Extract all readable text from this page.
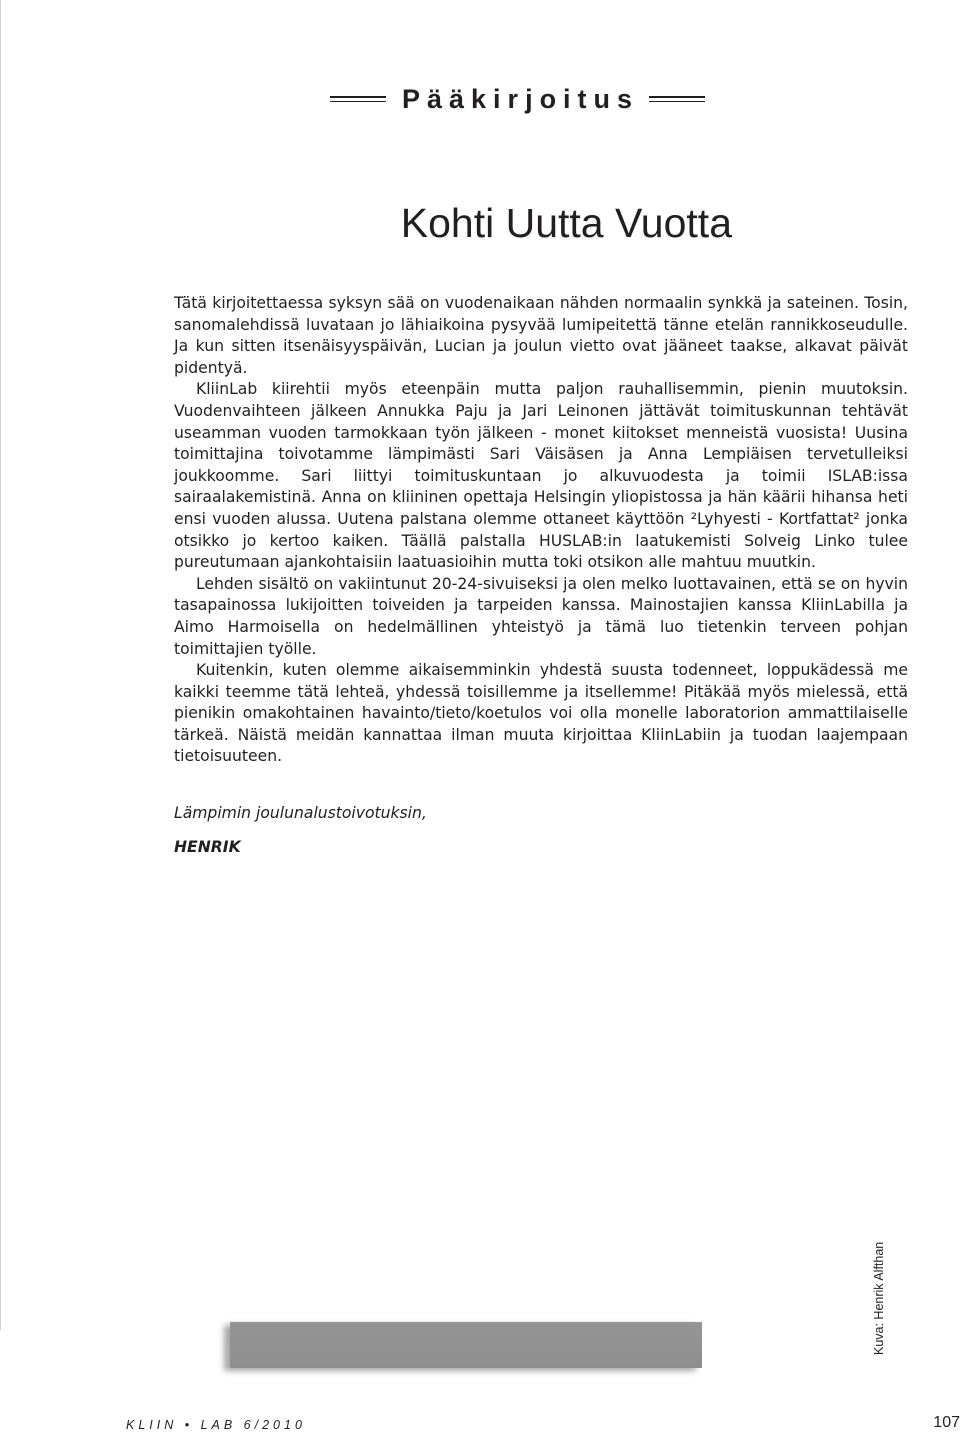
Pääkirjoitus
Kohti Uutta Vuotta

Tätä kirjoitettaessa syksyn sää on vuodenaikaan nähden normaalin synkkä ja sateinen. Tosin, sanomalehdissä luvataan jo lähiaikoina pysyvää lumipeitettä tänne etelän rannikkoseudulle. Ja kun sitten itsenäisyyspäivän, Lucian ja joulun vietto ovat jääneet taakse, alkavat päivät pidentyä.

KliinLab kiirehtii myös eteenpäin mutta paljon rauhallisemmin, pienin muutoksin. Vuodenvaihteen jälkeen Annukka Paju ja Jari Leinonen jättävät toimituskunnan tehtävät useamman vuoden tarmokkaan työn jälkeen - monet kiitokset menneistä vuosista! Uusina toimittajina toivotamme lämpimästi Sari Väisäsen ja Anna Lempiäisen tervetulleiksi joukkoomme. Sari liittyi toimituskuntaan jo alkuvuodesta ja toimii ISLAB:issa sairaalakemistinä. Anna on kliininen opettaja Helsingin yliopistossa ja hän käärii hihansa heti ensi vuoden alussa. Uutena palstana olemme ottaneet käyttöön ²Lyhyesti - Kortfattat² jonka otsikko jo kertoo kaiken. Täällä palstalla HUSLAB:in laatukemisti Solveig Linko tulee pureutumaan ajankohtaisiin laatuasioihin mutta toki otsikon alle mahtuu muutkin.

Lehden sisältö on vakiintunut 20-24-sivuiseksi ja olen melko luottavainen, että se on hyvin tasapainossa lukijoitten toiveiden ja tarpeiden kanssa. Mainostajien kanssa KliinLabilla ja Aimo Harmoisella on hedelmällinen yhteistyö ja tämä luo tietenkin terveen pohjan toimittajien työlle.

Kuitenkin, kuten olemme aikaisemminkin yhdestä suusta todenneet, loppukädessä me kaikki teemme tätä lehteä, yhdessä toisillemme ja itsellemme! Pitäkää myös mielessä, että pienikin omakohtainen havainto/tieto/koetulos voi olla monelle laboratorion ammattilaiselle tärkeä. Näistä meidän kannattaa ilman muuta kirjoittaa KliinLabiin ja tuodan laajempaan tietoisuuteen.

Lämpimin joulunalustoivotuksin,
HENRIK
Kuva: Henrik Alfthan
KLIIN • LAB 6/2010	107
